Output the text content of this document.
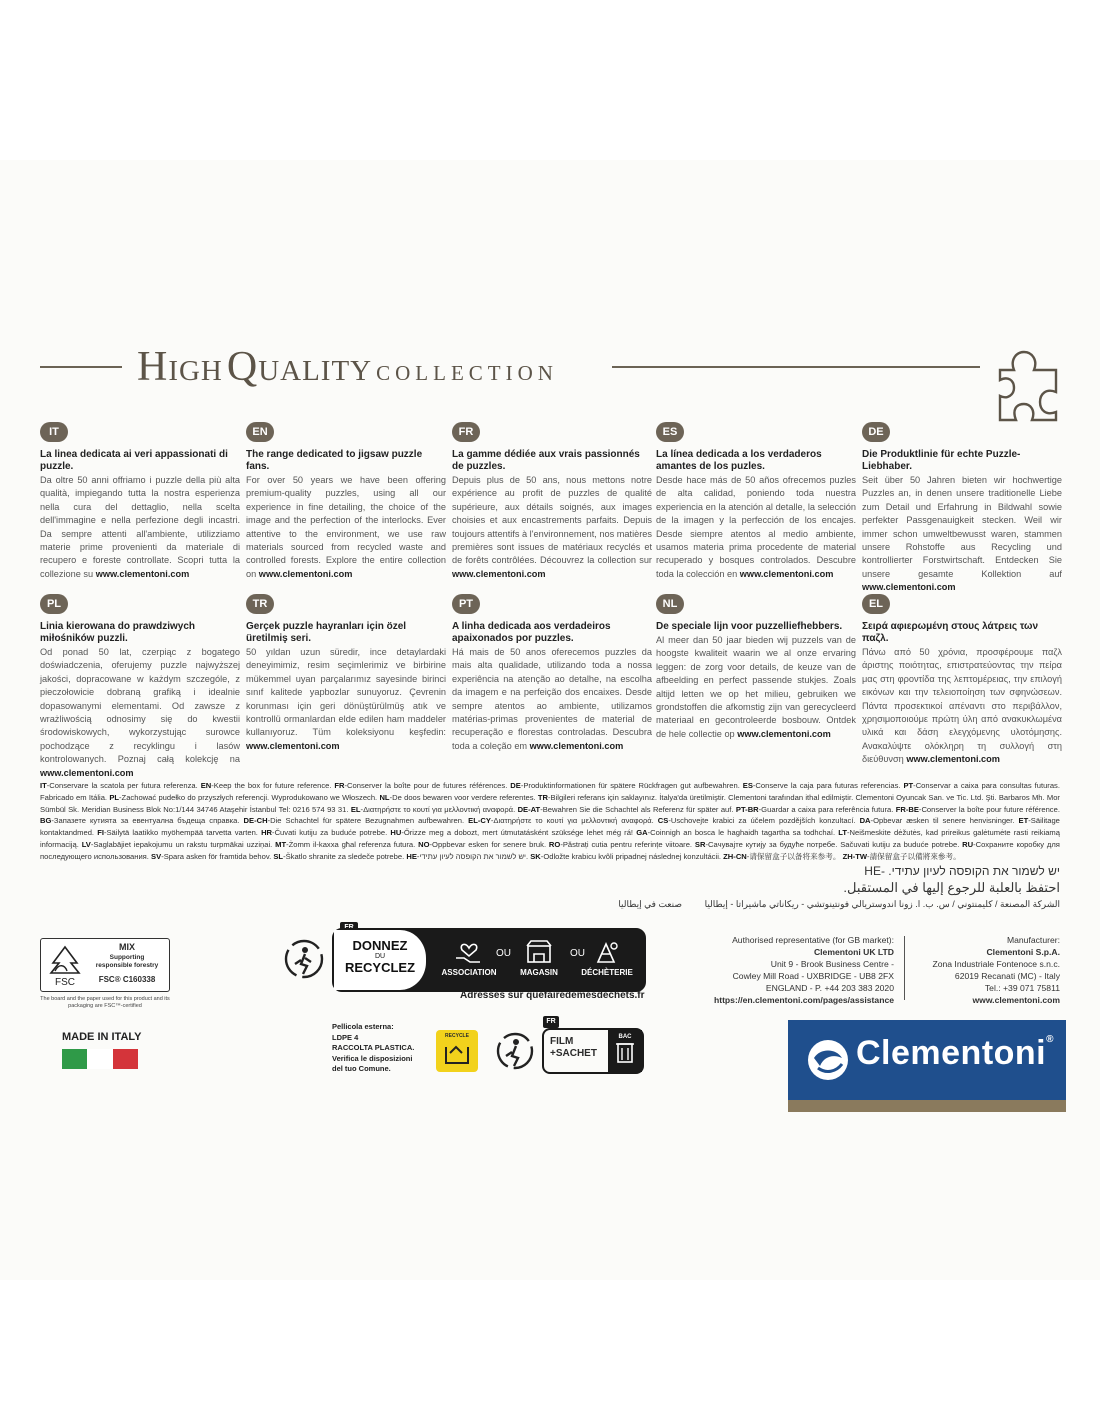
High Quality collection
IT
La linea dedicata ai veri appassionati di puzzle.
Da oltre 50 anni offriamo i puzzle della più alta qualità, impiegando tutta la nostra esperienza nella cura del dettaglio, nella scelta dell'immagine e nella perfezione degli incastri. Da sempre attenti all'ambiente, utilizziamo materie prime provenienti da materiale di recupero e foreste controllate. Scopri tutta la collezione su www.clementoni.com
EN
The range dedicated to jigsaw puzzle fans.
For over 50 years we have been offering premium-quality puzzles, using all our experience in fine detailing, the choice of the image and the perfection of the interlocks. Ever attentive to the environment, we use raw materials sourced from recycled waste and controlled forests. Explore the entire collection on www.clementoni.com
FR
La gamme dédiée aux vrais passionnés de puzzles.
Depuis plus de 50 ans, nous mettons notre expérience au profit de puzzles de qualité supérieure, aux détails soignés, aux images choisies et aux encastrements parfaits. Depuis toujours attentifs à l'environnement, nos matières premières sont issues de matériaux recyclés et de forêts contrôlées. Découvrez la collection sur www.clementoni.com
ES
La línea dedicada a los verdaderos amantes de los puzles.
Desde hace más de 50 años ofrecemos puzles de alta calidad, poniendo toda nuestra experiencia en la atención al detalle, la selección de la imagen y la perfección de los encajes. Desde siempre atentos al medio ambiente, usamos materia prima procedente de material recuperado y bosques controlados. Descubre toda la colección en www.clementoni.com
DE
Die Produktlinie für echte Puzzle-Liebhaber.
Seit über 50 Jahren bieten wir hochwertige Puzzles an, in denen unsere traditionelle Liebe zum Detail und Erfahrung in Bildwahl sowie perfekter Passgenauigkeit stecken. Weil wir immer schon umweltbewusst waren, stammen unsere Rohstoffe aus Recycling und kontrollierter Forstwirtschaft. Entdecken Sie unsere gesamte Kollektion auf www.clementoni.com
PL
Linia kierowana do prawdziwych miłośników puzzli.
Od ponad 50 lat, czerpiąc z bogatego doświadczenia, oferujemy puzzle najwyższej jakości, dopracowane w każdym szczególe, z pieczołowicie dobraną grafiką i idealnie dopasowanymi elementami. Od zawsze z wrażliwością odnosimy się do kwestii środowiskowych, wykorzystując surowce pochodzące z recyklingu i lasów kontrolowanych. Poznaj całą kolekcję na www.clementoni.com
TR
Gerçek puzzle hayranları için özel üretilmiş seri.
50 yıldan uzun süredir, ince detaylardaki deneyimimiz, resim seçimlerimiz ve birbirine mükemmel uyan parçalarımız sayesinde birinci sınıf kalitede yapbozlar sunuyoruz. Çevrenin korunması için geri dönüştürülmüş atık ve kontrollü ormanlardan elde edilen ham maddeler kullanıyoruz. Tüm koleksiyonu keşfedin: www.clementoni.com
PT
A linha dedicada aos verdadeiros apaixonados por puzzles.
Há mais de 50 anos oferecemos puzzles da mais alta qualidade, utilizando toda a nossa experiência na atenção ao detalhe, na escolha da imagem e na perfeição dos encaixes. Desde sempre atentos ao ambiente, utilizamos matérias-primas provenientes de material de recuperação e florestas controladas. Descubra toda a coleção em www.clementoni.com
NL
De speciale lijn voor puzzelliefhebbers.
Al meer dan 50 jaar bieden wij puzzels van de hoogste kwaliteit waarin we al onze ervaring leggen: de zorg voor details, de keuze van de afbeelding en perfect passende stukjes. Zoals altijd letten we op het milieu, gebruiken we grondstoffen die afkomstig zijn van gerecycleerd materiaal en gecontroleerde bosbouw. Ontdek de hele collectie op www.clementoni.com
EL
Σειρά αφιερωμένη στους λάτρεις των παζλ.
Πάνω από 50 χρόνια, προσφέρουμε παζλ άριστης ποιότητας, επιστρατεύοντας την πείρα μας στη φροντίδα της λεπτομέρειας, την επιλογή εικόνων και την τελειοποίηση των σφηνώσεων. Πάντα προσεκτικοί απέναντι στο περιβάλλον, χρησιμοποιούμε πρώτη ύλη από ανακυκλωμένα υλικά και δάση ελεγχόμενης υλοτόμησης. Ανακαλύψτε ολόκληρη τη συλλογή στη διεύθυνση www.clementoni.com
IT-Conservare la scatola per futura referenza. EN-Keep the box for future reference. FR-Conserver la boîte pour de futures références. DE-Produktinformationen für spätere Rückfragen gut aufbewahren. ES-Conserve la caja para futuras referencias. PT-Conservar a caixa para consultas futuras. Fabricado em Itália. PL-Zachować pudełko do przyszłych referencji. Wyprodukowano we Włoszech. NL-De doos bewaren voor verdere referentes. TR-Bilgileri referans için saklayınız. İtalya'da üretilmiştir. Clementoni tarafından ithal edilmiştir. Clementoni Oyuncak San. ve Tic. Ltd. Şti. Barbaros Mh. Mor Sümbül Sk. Meridian Business Blok No:1/144 34746 Ataşehir İstanbul Tel: 0216 574 93 31. EL-Διατηρήστε το κουτί για μελλοντική αναφορά. DE-AT-Bewahren Sie die Schachtel als Referenz für später auf. PT-BR-Guardar a caixa para referência futura. FR-BE-Conserver la boîte pour future référence. BG-Запазете кутията за евентуална бъдеща справка. DE-CH-Die Schachtel für spätere Bezugnahmen aufbewahren. EL-CY-Διατηρήστε το κουτί για μελλοντική αναφορά. CS-Uschovejte krabici za účelem pozdějších konzultací. DA-Opbevar æsken til senere henvisninger. ET-Säilitage kontaktandmed. FI-Säilytä laatikko myöhempää tarvetta varten. HR-Čuvati kutiju za buduće potrebe. HU-Őrizze meg a dobozt, mert útmutatásként szüksége lehet még rá! GA-Coinnigh an bosca le haghaidh tagartha sa todhchaí. LT-Neišmeskite dėžutės, kad prireikus galėtumėte rasti reikiamą informaciją. LV-Saglabājiet iepakojumu un rakstu turpmākai uzziņai. MT-Żomm il-kaxxa għal referenza futura. NO-Oppbevar esken for senere bruk. RO-Păstrați cutia pentru referințe viitoare. SR-Сачувајте кутију за будуће потребе. Sačuvati kutiju za buduće potrebe. RU-Сохраните коробку для последующего использования. SV-Spara asken för framtida behov. SL-Škatlo shranite za sledeče potrebe. HE-יש לשמור את הקופסה לעיון עתידי. SK-Odložte krabicu kvôli pripadnej následnej konzultácii. ZH-CN-请保留盒子以备将来参考。 ZH-TW-請保留盒子以備將來參考。
יש לשמור את הקופסה לעיון עתידי. -HE
احتفظ بالعلبة للرجوع إليها في المستقبل.
الشركة المصنعة / كليمنتوني / س. ب. ا. زونا اندوستريالي فونتينوتشي - ريكاناتي ماشيراتا - إيطاليا
صنعت في إيطاليا
FSC
MIX
Supporting
responsible forestry
FSC® C160338
The board and the paper used for this product and its packaging are FSC™-certified
MADE IN ITALY
DONNEZ
DU
RECYCLEZ	ASSOCIATION
OU
MAGASIN
OU
DÉCHÈTERIE
Adresses sur quefairedemesdechets.fr
Pellicola esterna:
LDPE 4
RACCOLTA PLASTICA.
Verifica le disposizioni
del tuo Comune.
RECYCLE
FR
FILM
+SACHET
BAC
Authorised representative (for GB market):
Clementoni UK LTD
Unit 9 - Brook Business Centre -
Cowley Mill Road - UXBRIDGE - UB8 2FX
ENGLAND - P. +44 203 383 2020
https://en.clementoni.com/pages/assistance
Manufacturer:
Clementoni S.p.A.
Zona Industriale Fontenoce s.n.c.
62019 Recanati (MC) - Italy
Tel.: +39 071 75811
www.clementoni.com
Clementoni®
